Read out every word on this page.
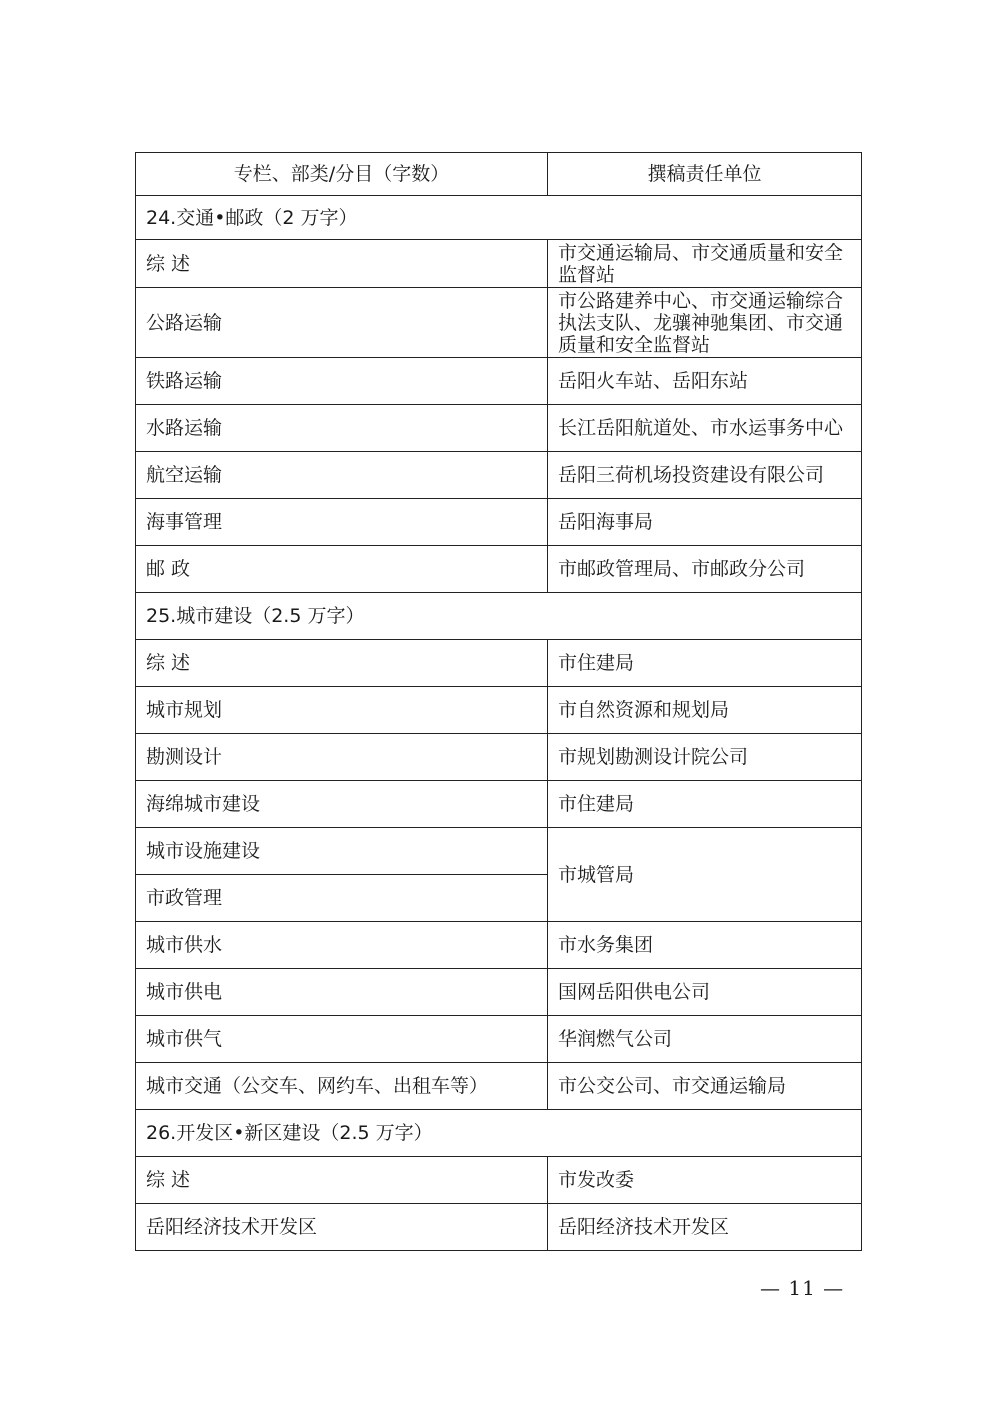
专栏、部类/分目（字数）	撰稿责任单位
24.交通•邮政（2 万字）	
综 述	市交通运输局、市交通质量和安全监督站
公路运输	市公路建养中心、市交通运输综合执法支队、龙骧神驰集团、市交通质量和安全监督站
铁路运输	岳阳火车站、岳阳东站
水路运输	长江岳阳航道处、市水运事务中心
航空运输	岳阳三荷机场投资建设有限公司
海事管理	岳阳海事局
邮 政	市邮政管理局、市邮政分公司
25.城市建设（2.5 万字）	
综 述	市住建局
城市规划	市自然资源和规划局
勘测设计	市规划勘测设计院公司
海绵城市建设	市住建局
城市设施建设	市城管局
市政管理	
城市供水	市水务集团
城市供电	国网岳阳供电公司
城市供气	华润燃气公司
城市交通（公交车、网约车、出租车等）	市公交公司、市交通运输局
26.开发区•新区建设（2.5 万字）	
综 述	市发改委
岳阳经济技术开发区	岳阳经济技术开发区
— 11 —
